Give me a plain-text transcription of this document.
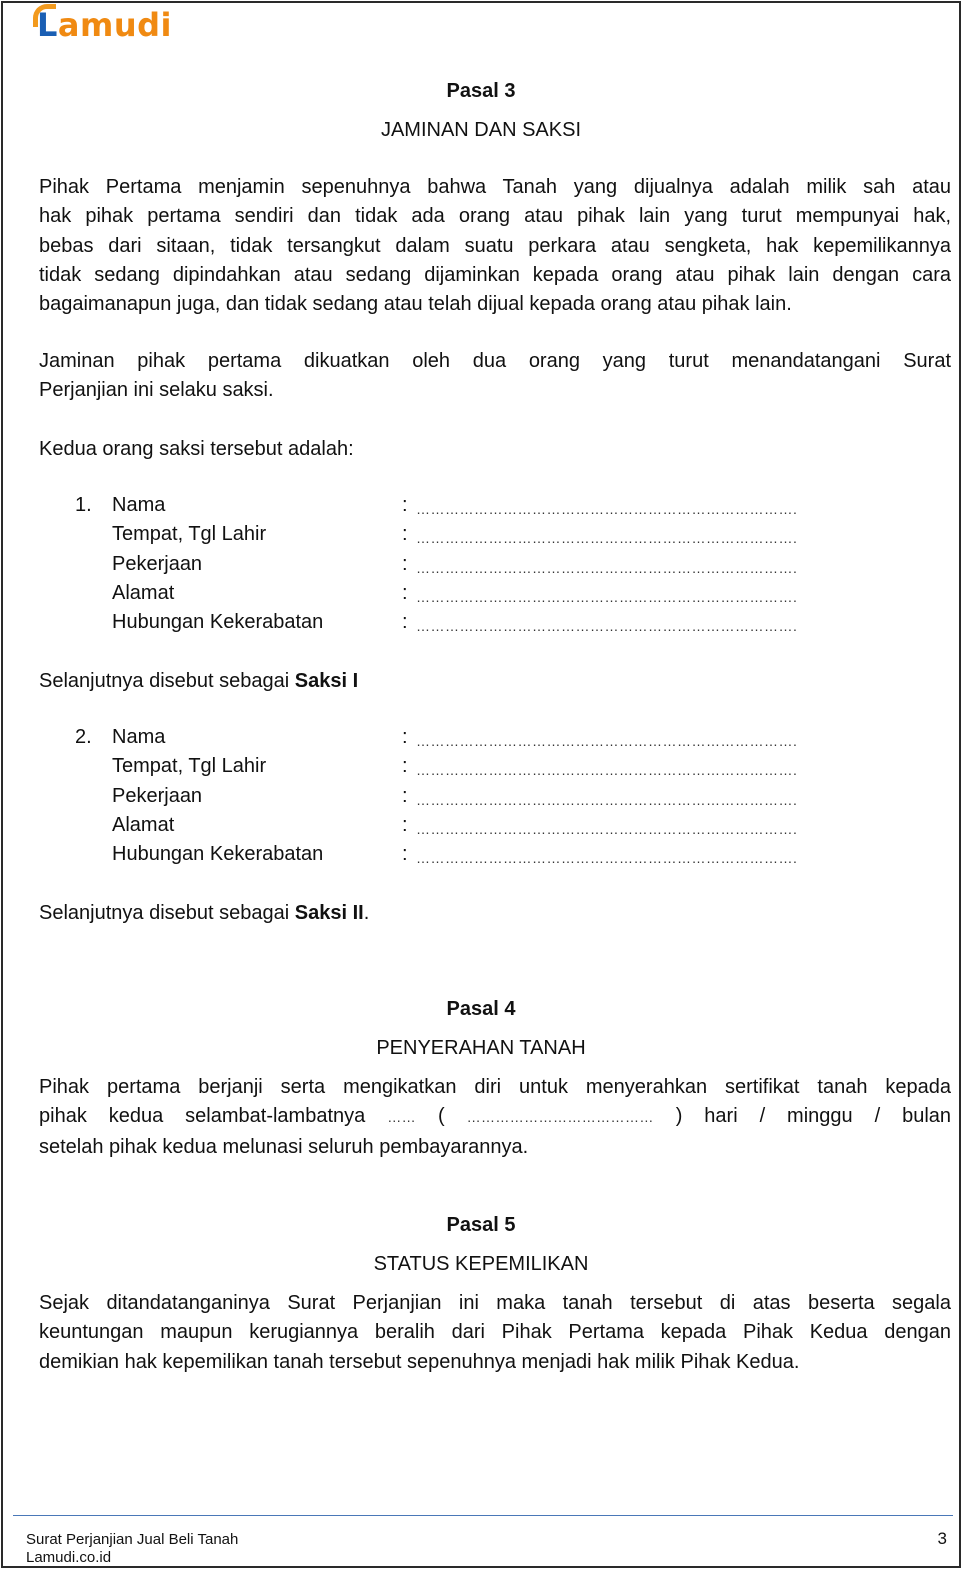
Lamudi
Pasal 3
JAMINAN DAN SAKSI
Pihak Pertama menjamin sepenuhnya bahwa Tanah yang dijualnya adalah milik sah atau
hak pihak pertama sendiri dan tidak ada orang atau pihak lain yang turut mempunyai hak,
bebas dari sitaan, tidak tersangkut dalam suatu perkara atau sengketa, hak kepemilikannya
tidak sedang dipindahkan atau sedang dijaminkan kepada orang atau pihak lain dengan cara
bagaimanapun juga, dan tidak sedang atau telah dijual kepada orang atau pihak lain.
Jaminan pihak pertama dikuatkan oleh dua orang yang turut menandatangani Surat
Perjanjian ini selaku saksi.
Kedua orang saksi tersebut adalah:
1.	Nama	: …………………………………………………………………….
Tempat, Tgl Lahir	: …………………………………………………………………….
Pekerjaan	: …………………………………………………………………….
Alamat	: …………………………………………………………………….
Hubungan Kekerabatan	: …………………………………………………………………….
Selanjutnya disebut sebagai Saksi I
2.	Nama	: …………………………………………………………………….
Tempat, Tgl Lahir	: …………………………………………………………………….
Pekerjaan	: …………………………………………………………………….
Alamat	: …………………………………………………………………….
Hubungan Kekerabatan	: …………………………………………………………………….
Selanjutnya disebut sebagai Saksi II.
Pasal 4
PENYERAHAN TANAH
Pihak pertama berjanji serta mengikatkan diri untuk menyerahkan sertifikat tanah kepada
pihak kedua selambat-lambatnya …… ( ………………………………… ) hari / minggu / bulan
setelah pihak kedua melunasi seluruh pembayarannya.
Pasal 5
STATUS KEPEMILIKAN
Sejak ditandatanganinya Surat Perjanjian ini maka tanah tersebut di atas beserta segala
keuntungan maupun kerugiannya beralih dari Pihak Pertama kepada Pihak Kedua dengan
demikian hak kepemilikan tanah tersebut sepenuhnya menjadi hak milik Pihak Kedua.
Surat Perjanjian Jual Beli Tanah
Lamudi.co.id
3
